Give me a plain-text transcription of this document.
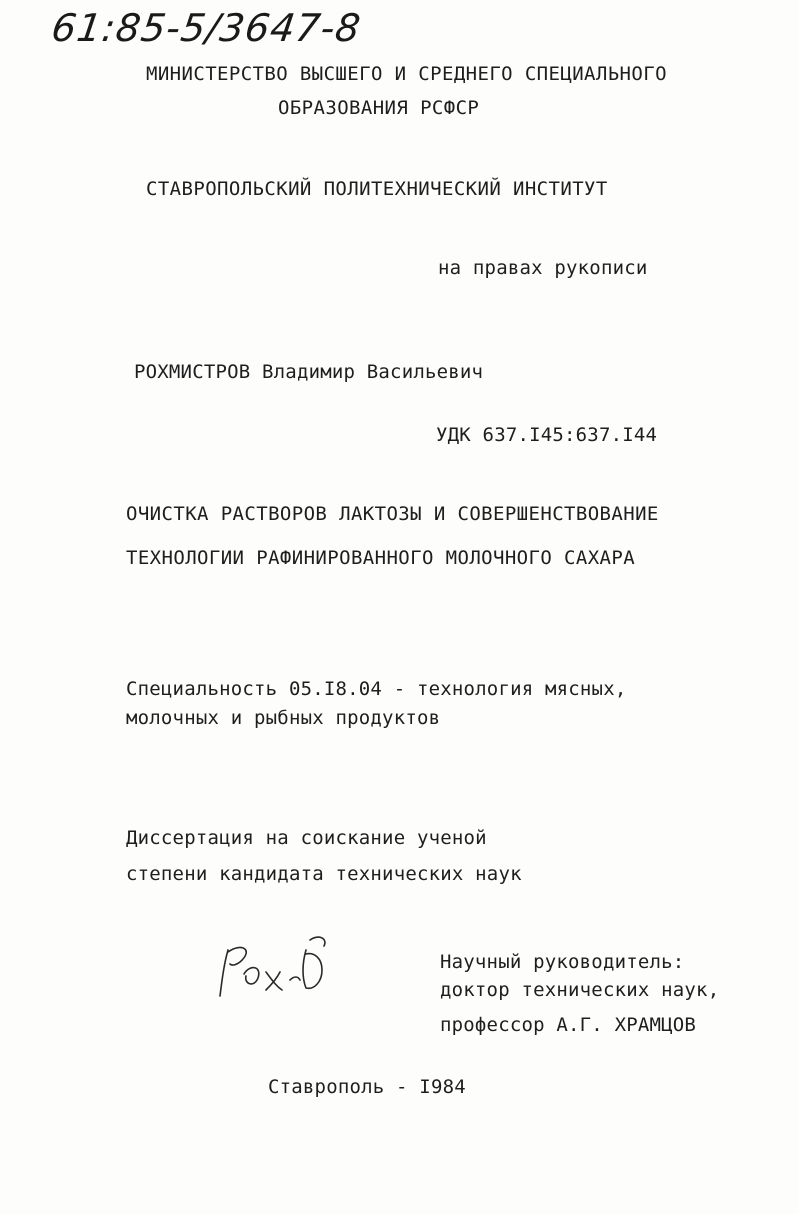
61:85-5/3647-8
МИНИСТЕРСТВО ВЫСШЕГО И СРЕДНЕГО СПЕЦИАЛЬНОГО
ОБРАЗОВАНИЯ РСФСР
СТАВРОПОЛЬСКИЙ ПОЛИТЕХНИЧЕСКИЙ ИНСТИТУТ
на правах рукописи
РОХМИСТРОВ Владимир Васильевич
УДК 637.I45:637.I44
ОЧИСТКА РАСТВОРОВ ЛАКТОЗЫ И СОВЕРШЕНСТВОВАНИЕ
ТЕХНОЛОГИИ РАФИНИРОВАННОГО МОЛОЧНОГО САХАРА
Специальность 05.I8.04 - технология мясных,
молочных и рыбных продуктов
Диссертация на соискание ученой
степени кандидата технических наук
Научный руководитель:
доктор технических наук,
профессор А.Г. ХРАМЦОВ
Ставрополь - I984
